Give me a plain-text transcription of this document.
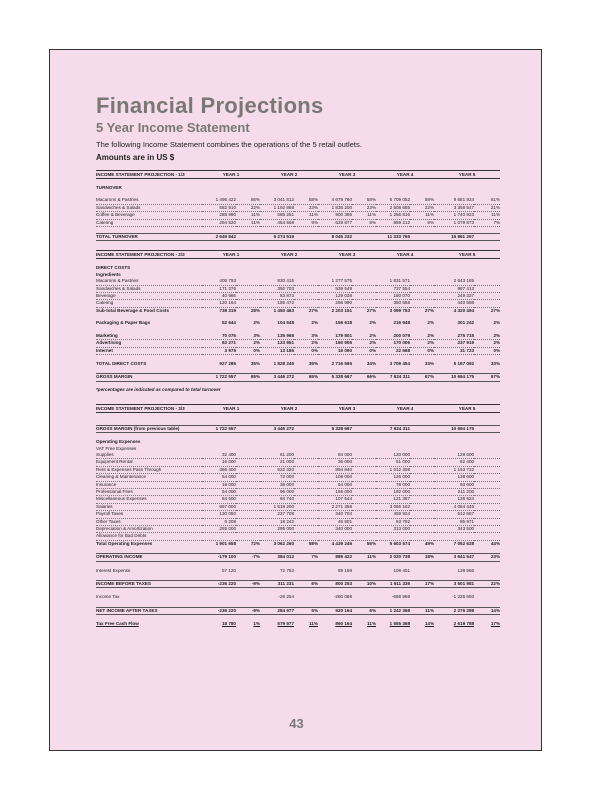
Financial Projections
5 Year Income Statement
The following Income Statement combines the operations of the 5 retail outlets.
Amounts are in US $
INCOME STATEMENT PROJECTION - 1/3	YEAR 1		YEAR 2		YEAR 3		YEAR 4		YEAR 5	

TURNOVER										

Macarons & Pastries	1 496 422	56%	3 041 812	58%	4 679 760	58%	6 709 052	59%	9 681 924	61%
Sandwiches & Salads	582 910	22%	1 192 868	23%	1 835 200	23%	2 508 685	22%	3 358 547	21%
Coffee & Beverage	285 990	11%	585 251	11%	900 395	11%	1 256 816	11%	1 740 923	11%
Catering	294 520	11%	454 568	9%	629 877	8%	859 212	8%	1 079 873	7%

TOTAL TURNOVER	2 649 842		5 274 519		8 045 232		11 333 765		15 861 267	
INCOME STATEMENT PROJECTION - 2/3	YEAR 1		YEAR 2		YEAR 3		YEAR 4		YEAR 5	

DIRECT COSTS										
Ingredients										
Macarons & Pastries	405 793		830 415		1 277 575		1 831 571		2 643 165	
Sandwiches & Salads	171 376		350 703		539 549		737 554		987 413	
Beverage	40 986		83 873		129 038		180 070		249 327	
Catering	120 164		185 472		256 990		350 558		440 588	
Sub-total Beverage & Food Costs	738 319	28%	1 450 463	27%	2 203 151	27%	3 099 753	27%	4 320 494	27%

Packaging & Paper Bags	52 644	2%	104 648	2%	156 618	2%	216 948	2%	301 242	2%

Marketing	70 076	3%	135 968	3%	179 801	2%	200 079	2%	275 715	2%
Advertising	62 271	2%	123 951	2%	160 905	2%	170 006	2%	237 919	2%
Internet	3 975	0%	13 186	0%	16 090	0%	22 668	0%	31 723	0%

TOTAL DIRECT COSTS	927 285	35%	1 828 246	35%	2 716 565	34%	3 709 454	33%	5 167 092	33%

GROSS MARGIN	1 722 557	65%	3 446 272	65%	5 328 667	66%	7 624 311	67%	10 694 175	67%
*percentages are indicated as compared to total turnover
INCOME STATEMENT PROJECTION - 3/3	YEAR 1		YEAR 2		YEAR 3		YEAR 4		YEAR 5	

GROSS MARGIN (from previous table)	1 722 557		3 446 272		5 328 667		7 624 311		10 694 175	

Operating Expenses										
VAT Free Expenses										
Supplies	32 400		61 200		84 000		120 000		129 600	
Equipment Rental	15 000		21 000		36 000		51 000		62 400	
Rent & Expenses Pass Through	386 400		622 320		894 840		1 012 308		1 153 722	
Cleaning & Maintenance	54 000		72 000		108 000		126 000		138 600	
Insurance	18 000		36 000		54 000		78 000		93 600	
Professional Fees	54 000		96 000		156 000		192 000		211 200	
Miscellaneous Expenses	84 600		94 740		107 544		121 387		136 924	
Salaries	867 000		1 518 200		2 271 358		3 066 162		4 084 445	
Payroll Taxes	130 050		227 708		340 704		459 924		612 667	
Other Taxes	5 208		18 242		46 801		63 792		85 971	
Depreciation & Amortization	255 000		295 000		340 000		313 000		343 500	
Allowance for Bad Debts										
Total Operating Expenses	1 901 658	72%	3 062 260	58%	4 439 246	55%	5 603 574	49%	7 052 628	44%

OPERATING INCOME	-179 100	-7%	384 012	7%	889 422	11%	2 020 738	18%	3 641 547	23%

Interest Expense	57 120		72 782		89 169		109 401		139 566	

INCOME BEFORE TAXES	-236 220	-9%	311 231	6%	800 253	10%	1 911 336	17%	3 501 981	22%

Income Tax			-26 254		-280 088		-668 968		-1 225 693	

NET INCOME AFTER TAXES	-236 220	-9%	284 977	5%	520 164	6%	1 242 368	11%	2 276 288	14%

Tax Free Cash Flow	18 780	1%	579 977	11%	860 164	11%	1 555 368	14%	2 619 788	17%
43
